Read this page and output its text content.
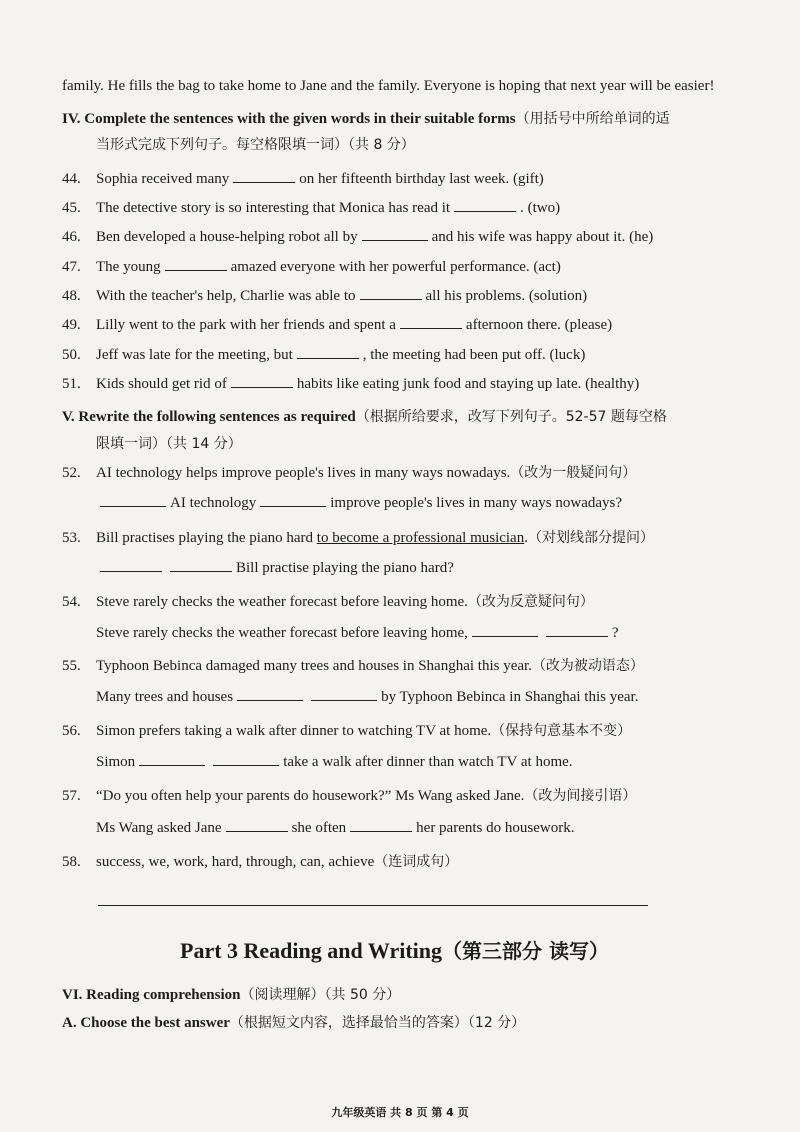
family. He fills the bag to take home to Jane and the family. Everyone is hoping that next year will be easier!
IV. Complete the sentences with the given words in their suitable forms（用括号中所给单词的适
当形式完成下列句子。每空格限填一词）（共 8 分）
44. Sophia received many	on her fifteenth birthday last week. (gift)
45. The detective story is so interesting that Monica has read it	. (two)
46. Ben developed a house-helping robot all by	and his wife was happy about it. (he)
47. The young	amazed everyone with her powerful performance. (act)
48. With the teacher's help, Charlie was able to	all his problems. (solution)
49. Lilly went to the park with her friends and spent a	afternoon there. (please)
50. Jeff was late for the meeting, but	, the meeting had been put off. (luck)
51. Kids should get rid of	habits like eating junk food and staying up late. (healthy)
V. Rewrite the following sentences as required（根据所给要求，改写下列句子。52-57 题每空格
限填一词）（共 14 分）
52. AI technology helps improve people's lives in many ways nowadays.（改为一般疑问句）
AI technology	improve people's lives in many ways nowadays?
53. Bill practises playing the piano hard to become a professional musician.（对划线部分提问）
Bill practise playing the piano hard?
54. Steve rarely checks the weather forecast before leaving home.（改为反意疑问句）
Steve rarely checks the weather forecast before leaving home,	?
55. Typhoon Bebinca damaged many trees and houses in Shanghai this year.（改为被动语态）
Many trees and houses	by Typhoon Bebinca in Shanghai this year.
56. Simon prefers taking a walk after dinner to watching TV at home.（保持句意基本不变）
Simon	take a walk after dinner than watch TV at home.
57. “Do you often help your parents do housework?” Ms Wang asked Jane.（改为间接引语）
Ms Wang asked Jane	she often	her parents do housework.
58. success, we, work, hard, through, can, achieve（连词成句）
Part 3 Reading and Writing（第三部分 读写）
VI. Reading comprehension（阅读理解）（共 50 分）
A. Choose the best answer（根据短文内容，选择最恰当的答案）（12 分）
九年级英语 共 8 页 第 4 页
